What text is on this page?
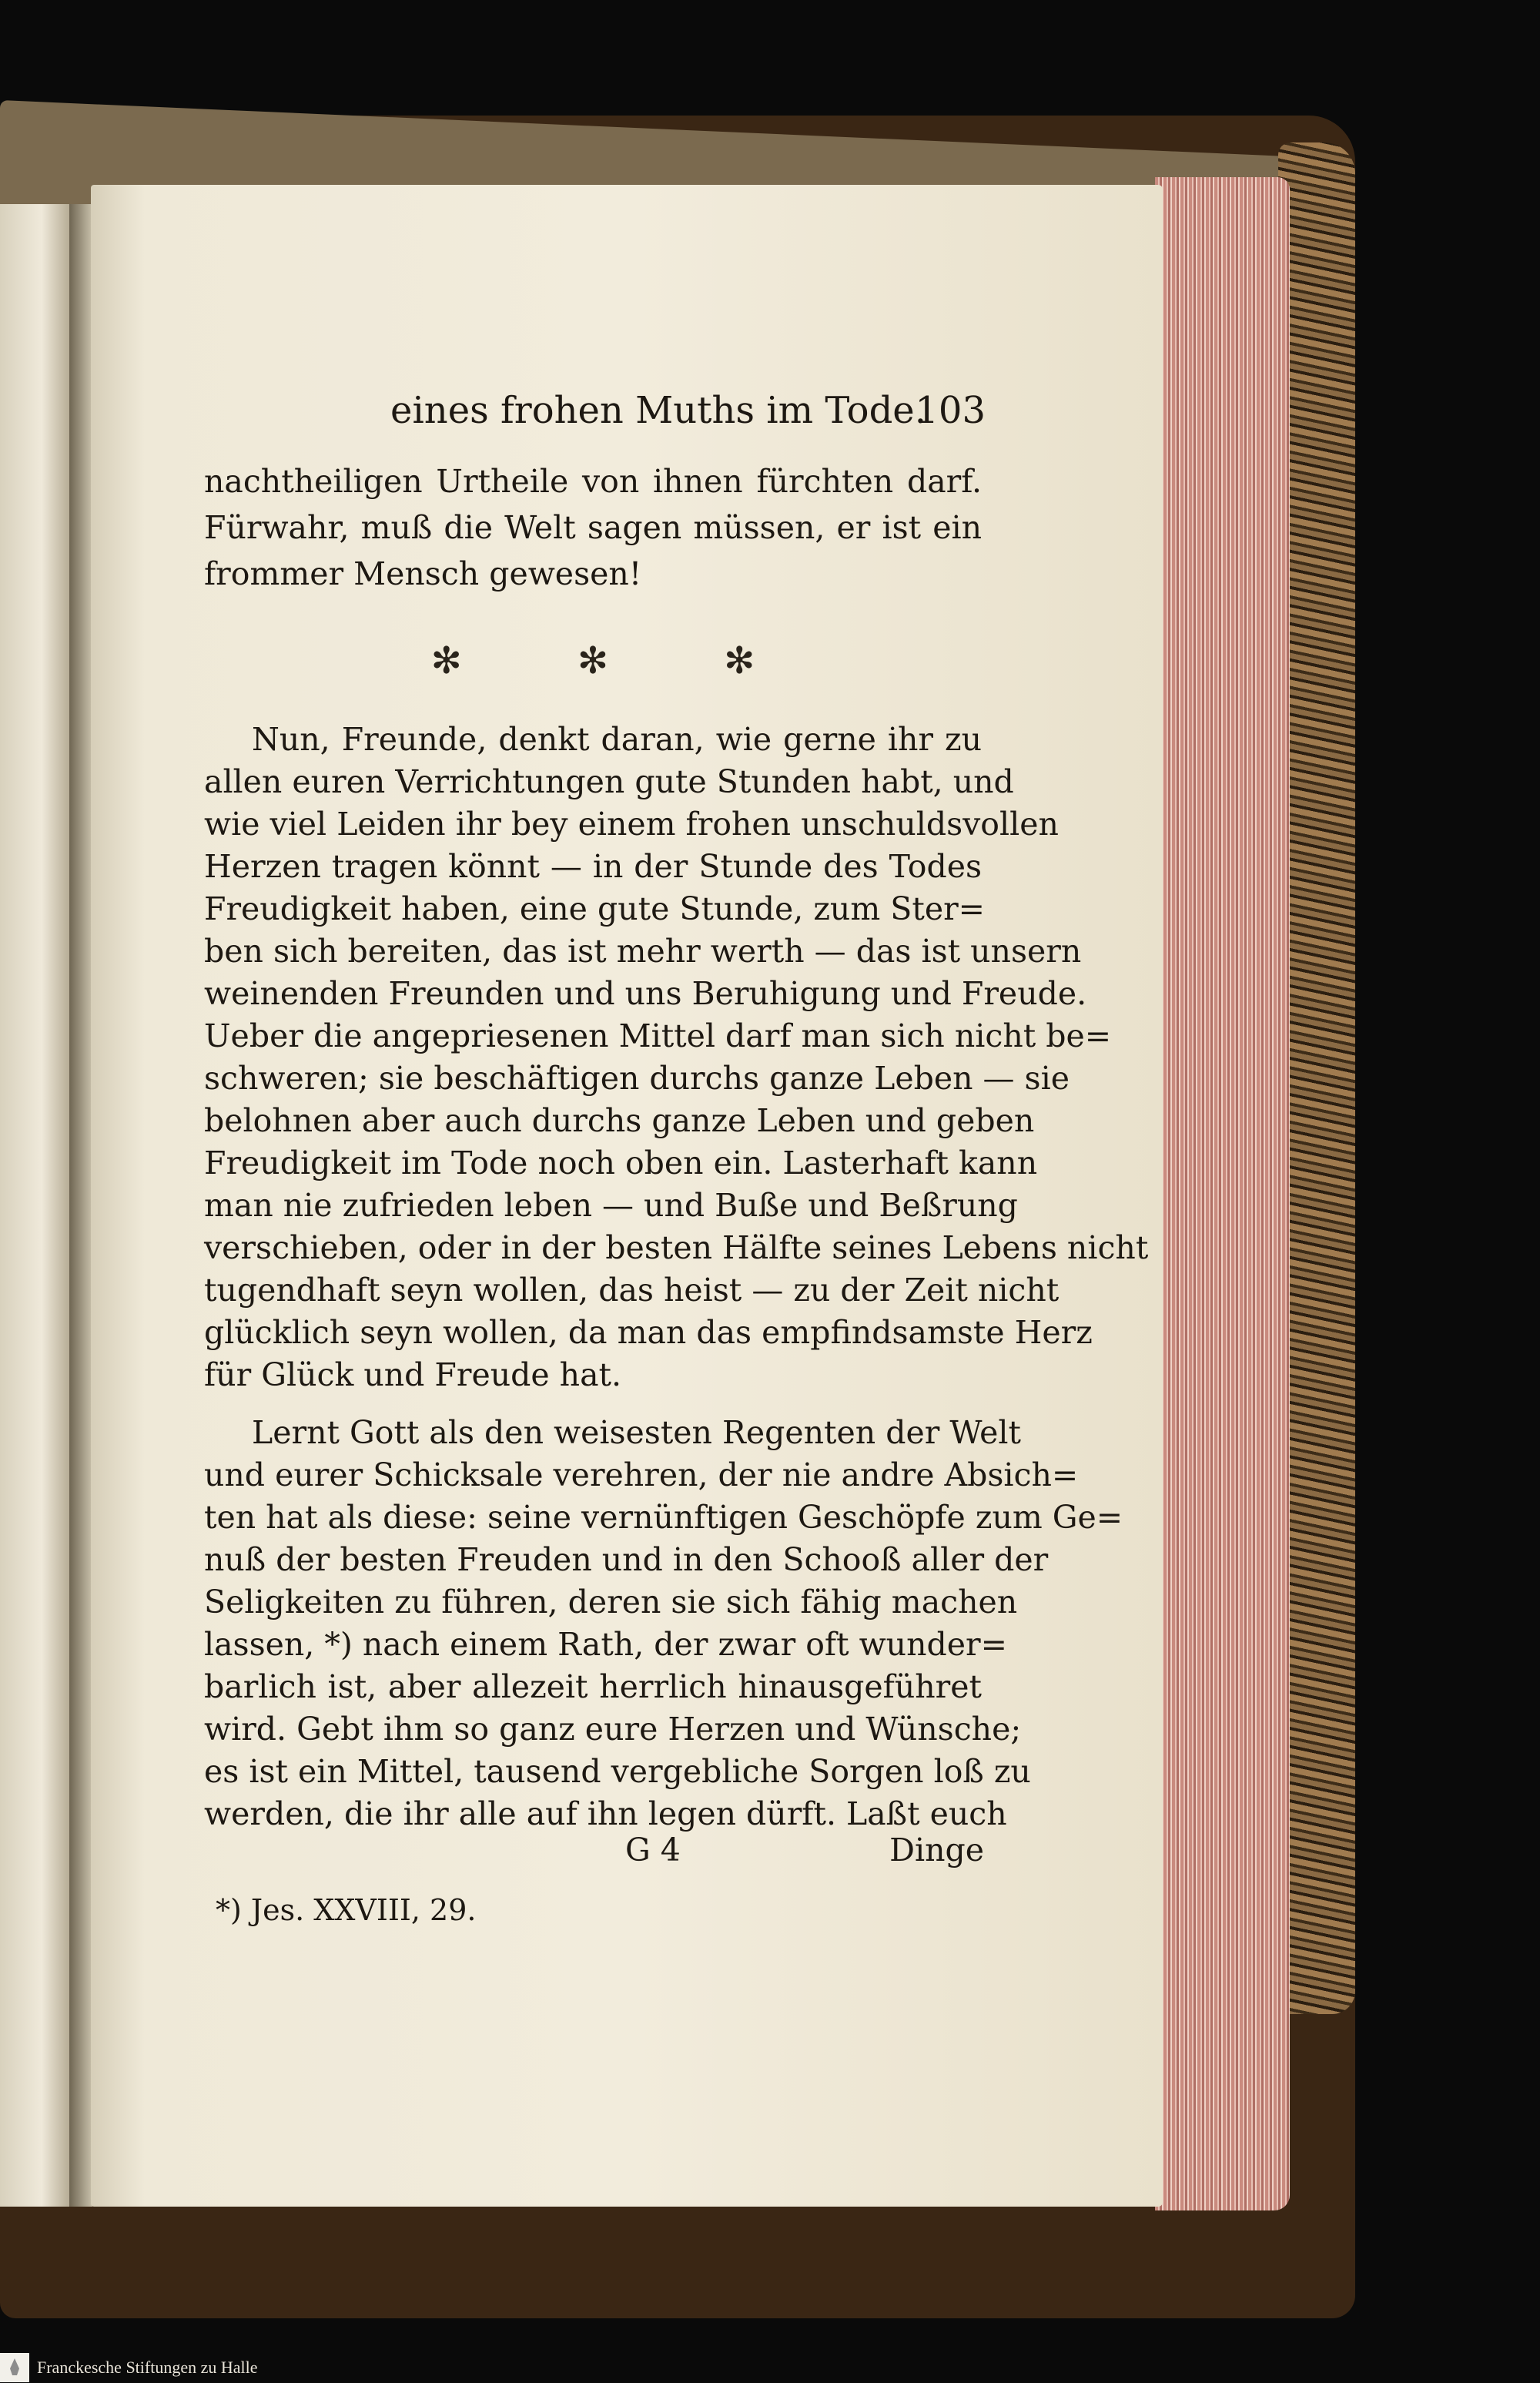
eines frohen Muths im Tode.
103
nachtheiligen Urtheile von ihnen fürchten darf.
Fürwahr, muß die Welt sagen müssen, er ist ein
frommer Mensch gewesen!
✻	✻	✻
Nun, Freunde, denkt daran, wie gerne ihr zu
allen euren Verrichtungen gute Stunden habt, und
wie viel Leiden ihr bey einem frohen unschuldsvollen
Herzen tragen könnt — in der Stunde des Todes
Freudigkeit haben, eine gute Stunde, zum Ster=
ben sich bereiten, das ist mehr werth — das ist unsern
weinenden Freunden und uns Beruhigung und Freude.
Ueber die angepriesenen Mittel darf man sich nicht be=
schweren; sie beschäftigen durchs ganze Leben — sie
belohnen aber auch durchs ganze Leben und geben
Freudigkeit im Tode noch oben ein. Lasterhaft kann
man nie zufrieden leben — und Buße und Beßrung
verschieben, oder in der besten Hälfte seines Lebens nicht
tugendhaft seyn wollen, das heist — zu der Zeit nicht
glücklich seyn wollen, da man das empfindsamste Herz
für Glück und Freude hat.
Lernt Gott als den weisesten Regenten der Welt
und eurer Schicksale verehren, der nie andre Absich=
ten hat als diese: seine vernünftigen Geschöpfe zum Ge=
nuß der besten Freuden und in den Schooß aller der
Seligkeiten zu führen, deren sie sich fähig machen
lassen, *) nach einem Rath, der zwar oft wunder=
barlich ist, aber allezeit herrlich hinausgeführet
wird. Gebt ihm so ganz eure Herzen und Wünsche;
es ist ein Mittel, tausend vergebliche Sorgen loß zu
werden, die ihr alle auf ihn legen dürft. Laßt euch
G 4	Dinge
*) Jes. XXVIII, 29.
Franckesche Stiftungen zu Halle
